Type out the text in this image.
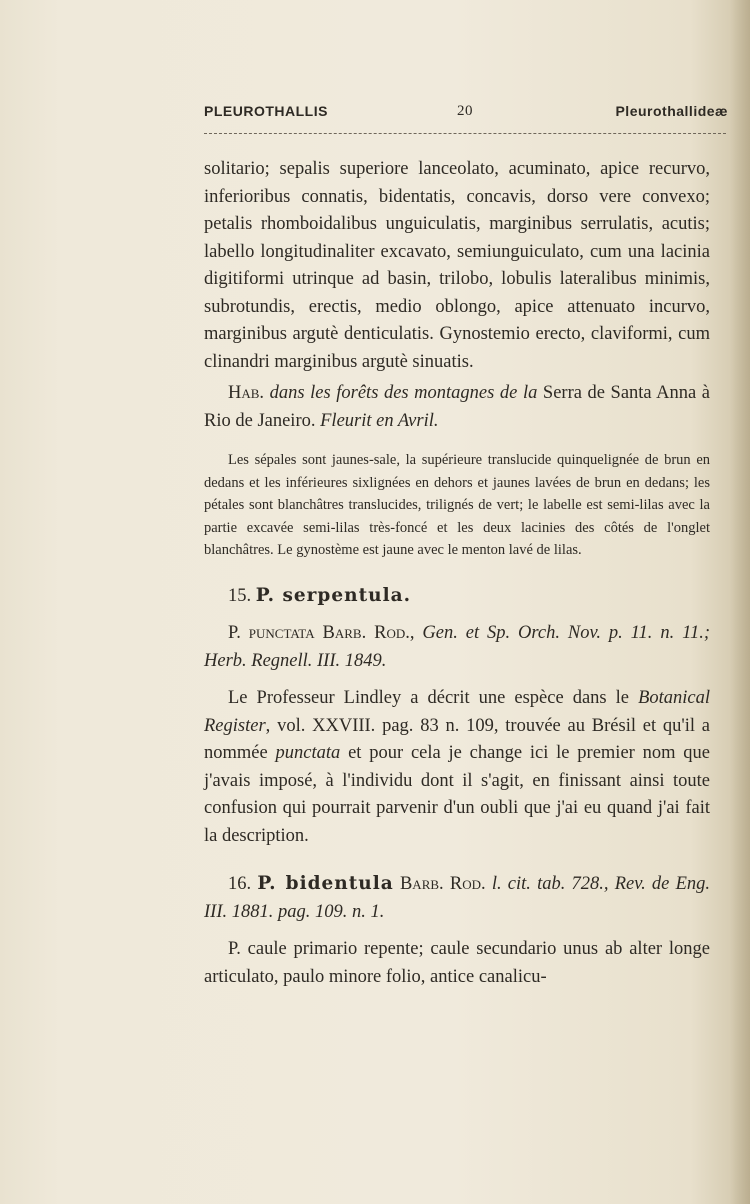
PLEUROTHALLIS	20	Pleurothallideæ

solitario; sepalis superiore lanceolato, acuminato, apice recurvo, inferioribus connatis, bidentatis, concavis, dorso vere convexo; petalis rhomboidalibus unguiculatis, marginibus serrulatis, acutis; labello longitudinaliter excavato, semiunguiculato, cum una lacinia digitiformi utrinque ad basin, trilobo, lobulis lateralibus minimis, subrotundis, erectis, medio oblongo, apice attenuato incurvo, marginibus argutè denticulatis. Gynostemio erecto, claviformi, cum clinandri marginibus argutè sinuatis.

Hab. dans les forêts des montagnes de la Serra de Santa Anna à Rio de Janeiro. Fleurit en Avril.

Les sépales sont jaunes-sale, la supérieure translucide quinquelignée de brun en dedans et les inférieures sixlignées en dehors et jaunes lavées de brun en dedans; les pétales sont blanchâtres translucides, trilignés de vert; le labelle est semi-lilas avec la partie excavée semi-lilas très-foncé et les deux lacinies des côtés de l'onglet blanchâtres. Le gynostème est jaune avec le menton lavé de lilas.

15. P. serpentula.

P. punctata Barb. Rod., Gen. et Sp. Orch. Nov. p. 11. n. 11.; Herb. Regnell. III. 1849.

Le Professeur Lindley a décrit une espèce dans le Botanical Register, vol. XXVIII. pag. 83 n. 109, trouvée au Brésil et qu'il a nommée punctata et pour cela je change ici le premier nom que j'avais imposé, à l'individu dont il s'agit, en finissant ainsi toute confusion qui pourrait parvenir d'un oubli que j'ai eu quand j'ai fait la description.

16. P. bidentula Barb. Rod. l. cit. tab. 728., Rev. de Eng. III. 1881. pag. 109. n. 1.

P. caule primario repente; caule secundario unus ab alter longe articulato, paulo minore folio, antice canalicu-
